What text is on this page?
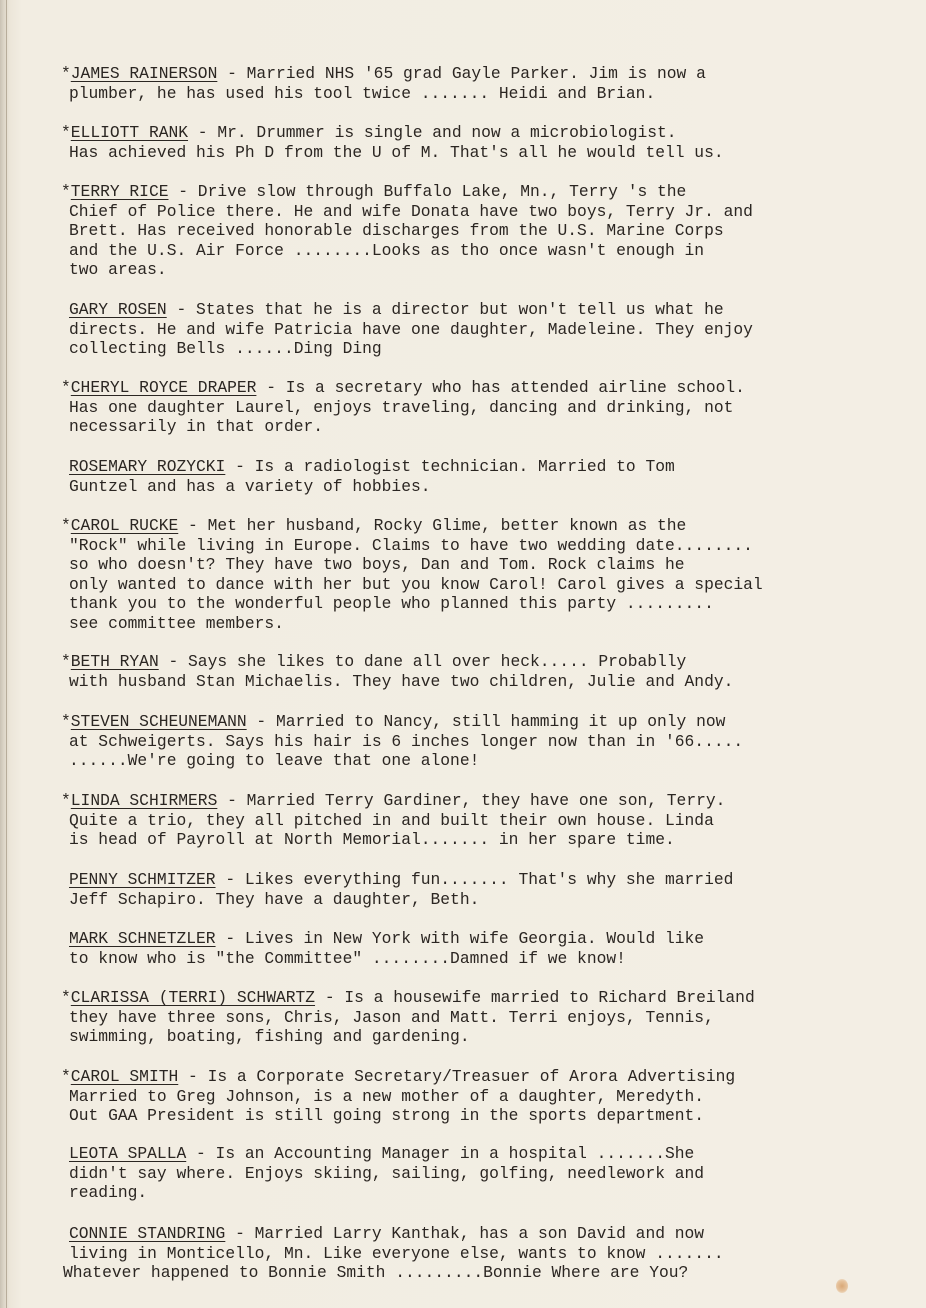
*JAMES RAINERSON - Married NHS '65 grad Gayle Parker. Jim is now a
plumber, he has used his tool twice ....... Heidi and Brian.
*ELLIOTT RANK - Mr. Drummer is single and now a microbiologist.
Has achieved his Ph D from the U of M. That's all he would tell us.
*TERRY RICE - Drive slow through Buffalo Lake, Mn., Terry 's the
Chief of Police there. He and wife Donata have two boys, Terry Jr. and
Brett. Has received honorable discharges from the U.S. Marine Corps
and the U.S. Air Force ........Looks as tho once wasn't enough in
two areas.
GARY ROSEN - States that he is a director but won't tell us what he
directs. He and wife Patricia have one daughter, Madeleine. They enjoy
collecting Bells ......Ding Ding
*CHERYL ROYCE DRAPER - Is a secretary who has attended airline school.
Has one daughter Laurel, enjoys traveling, dancing and drinking, not
necessarily in that order.
ROSEMARY ROZYCKI - Is a radiologist technician. Married to Tom
Guntzel and has a variety of hobbies.
*CAROL RUCKE - Met her husband, Rocky Glime, better known as the
"Rock" while living in Europe. Claims to have two wedding date........
so who doesn't? They have two boys, Dan and Tom. Rock claims he
only wanted to dance with her but you know Carol! Carol gives a special
thank you to the wonderful people who planned this party .........
see committee members.
*BETH RYAN - Says she likes to dane all over heck..... Probablly
with husband Stan Michaelis. They have two children, Julie and Andy.
*STEVEN SCHEUNEMANN - Married to Nancy, still hamming it up only now
at Schweigerts. Says his hair is 6 inches longer now than in '66.....
......We're going to leave that one alone!
*LINDA SCHIRMERS - Married Terry Gardiner, they have one son, Terry.
Quite a trio, they all pitched in and built their own house. Linda
is head of Payroll at North Memorial....... in her spare time.
PENNY SCHMITZER - Likes everything fun....... That's why she married
Jeff Schapiro. They have a daughter, Beth.
MARK SCHNETZLER - Lives in New York with wife Georgia. Would like
to know who is "the Committee" ........Damned if we know!
*CLARISSA (TERRI) SCHWARTZ - Is a housewife married to Richard Breiland
they have three sons, Chris, Jason and Matt. Terri enjoys, Tennis,
swimming, boating, fishing and gardening.
*CAROL SMITH - Is a Corporate Secretary/Treasuer of Arora Advertising
Married to Greg Johnson, is a new mother of a daughter, Meredyth.
Out GAA President is still going strong in the sports department.
LEOTA SPALLA - Is an Accounting Manager in a hospital .......She
didn't say where. Enjoys skiing, sailing, golfing, needlework and
reading.
CONNIE STANDRING - Married Larry Kanthak, has a son David and now
living in Monticello, Mn. Like everyone else, wants to know .......
Whatever happened to Bonnie Smith .........Bonnie Where are You?
